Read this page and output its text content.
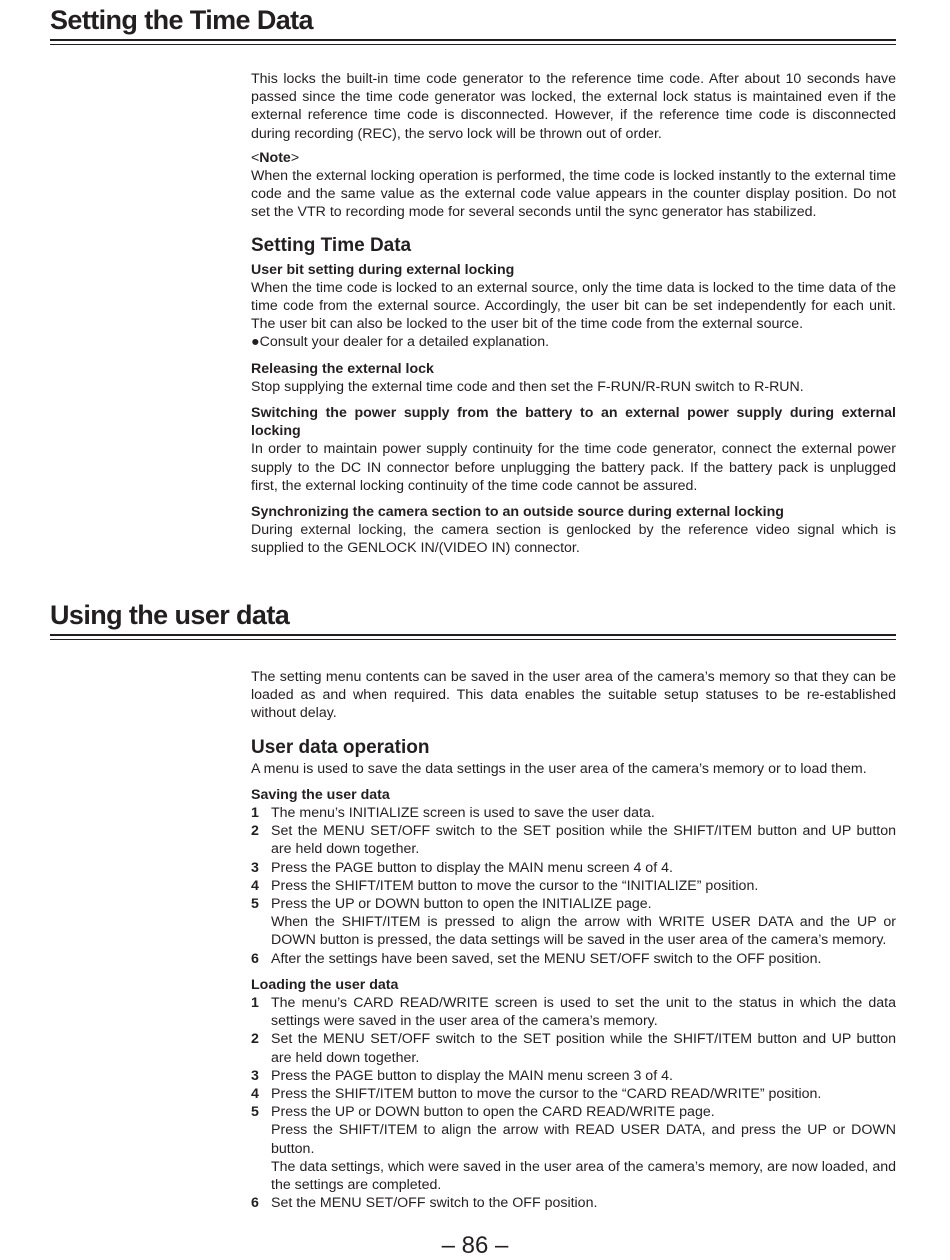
Setting the Time Data

This locks the built-in time code generator to the reference time code. After about 10 seconds have passed since the time code generator was locked, the external lock status is maintained even if the external reference time code is disconnected. However, if the reference time code is disconnected during recording (REC), the servo lock will be thrown out of order.

<Note>

When the external locking operation is performed, the time code is locked instantly to the external time code and the same value as the external code value appears in the counter display position. Do not set the VTR to recording mode for several seconds until the sync generator has stabilized.

Setting Time Data

User bit setting during external locking

When the time code is locked to an external source, only the time data is locked to the time data of the time code from the external source. Accordingly, the user bit can be set independently for each unit. The user bit can also be locked to the user bit of the time code from the external source.

●Consult your dealer for a detailed explanation.

Releasing the external lock

Stop supplying the external time code and then set the F-RUN/R-RUN switch to R-RUN.

Switching the power supply from the battery to an external power supply during external locking

In order to maintain power supply continuity for the time code generator, connect the external power supply to the DC IN connector before unplugging the battery pack. If the battery pack is unplugged first, the external locking continuity of the time code cannot be assured.

Synchronizing the camera section to an outside source during external locking

During external locking, the camera section is genlocked by the reference video signal which is supplied to the GENLOCK IN/(VIDEO IN) connector.

Using the user data

The setting menu contents can be saved in the user area of the camera’s memory so that they can be loaded as and when required. This data enables the suitable setup statuses to be re-established without delay.

User data operation

A menu is used to save the data settings in the user area of the camera’s memory or to load them.

Saving the user data

1 The menu’s INITIALIZE screen is used to save the user data.
2 Set the MENU SET/OFF switch to the SET position while the SHIFT/ITEM button and UP button are held down together.
3 Press the PAGE button to display the MAIN menu screen 4 of 4.
4 Press the SHIFT/ITEM button to move the cursor to the “INITIALIZE” position.
5 Press the UP or DOWN button to open the INITIALIZE page.
When the SHIFT/ITEM is pressed to align the arrow with WRITE USER DATA and the UP or DOWN button is pressed, the data settings will be saved in the user area of the camera’s memory.
6 After the settings have been saved, set the MENU SET/OFF switch to the OFF position.

Loading the user data

1 The menu’s CARD READ/WRITE screen is used to set the unit to the status in which the data settings were saved in the user area of the camera’s memory.
2 Set the MENU SET/OFF switch to the SET position while the SHIFT/ITEM button and UP button are held down together.
3 Press the PAGE button to display the MAIN menu screen 3 of 4.
4 Press the SHIFT/ITEM button to move the cursor to the “CARD READ/WRITE” position.
5 Press the UP or DOWN button to open the CARD READ/WRITE page.
Press the SHIFT/ITEM to align the arrow with READ USER DATA, and press the UP or DOWN button.
The data settings, which were saved in the user area of the camera’s memory, are now loaded, and the settings are completed.
6 Set the MENU SET/OFF switch to the OFF position.
– 86 –
